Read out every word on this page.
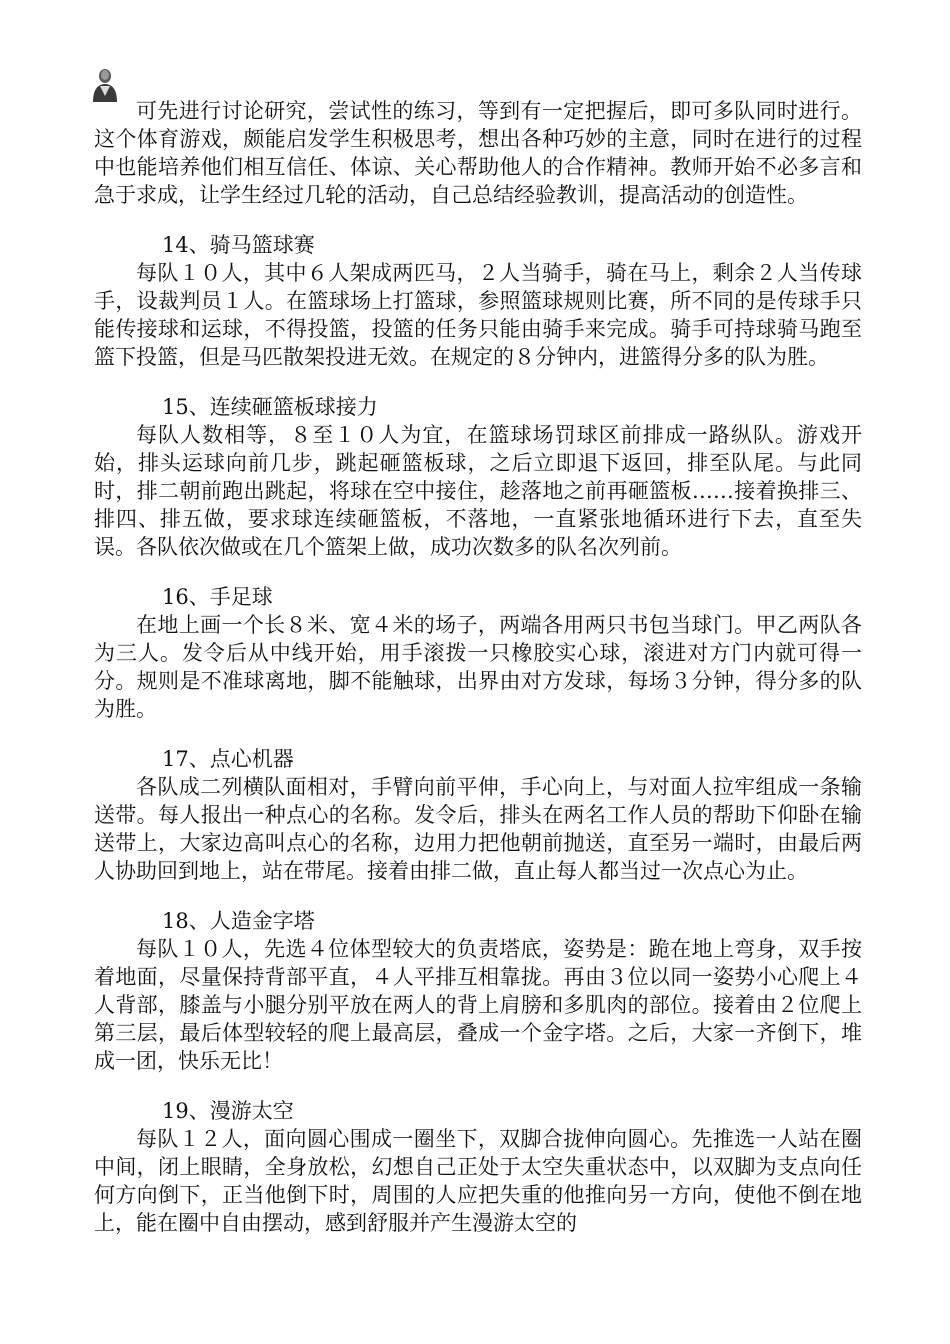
可先进行讨论研究，尝试性的练习，等到有一定把握后，即可多队同时进行。这个体育游戏，颇能启发学生积极思考，想出各种巧妙的主意，同时在进行的过程中也能培养他们相互信任、体谅、关心帮助他人的合作精神。教师开始不必多言和急于求成，让学生经过几轮的活动，自己总结经验教训，提高活动的创造性。

14、骑马篮球赛

每队１０人，其中６人架成两匹马，２人当骑手，骑在马上，剩余２人当传球手，设裁判员１人。在篮球场上打篮球，参照篮球规则比赛，所不同的是传球手只能传接球和运球，不得投篮，投篮的任务只能由骑手来完成。骑手可持球骑马跑至篮下投篮，但是马匹散架投进无效。在规定的８分钟内，进篮得分多的队为胜。

15、连续砸篮板球接力

每队人数相等，８至１０人为宜，在篮球场罚球区前排成一路纵队。游戏开始，排头运球向前几步，跳起砸篮板球，之后立即退下返回，排至队尾。与此同时，排二朝前跑出跳起，将球在空中接住，趁落地之前再砸篮板……接着换排三、排四、排五做，要求球连续砸篮板，不落地，一直紧张地循环进行下去，直至失误。各队依次做或在几个篮架上做，成功次数多的队名次列前。

16、手足球

在地上画一个长８米、宽４米的场子，两端各用两只书包当球门。甲乙两队各为三人。发令后从中线开始，用手滚拨一只橡胶实心球，滚进对方门内就可得一分。规则是不准球离地，脚不能触球，出界由对方发球，每场３分钟，得分多的队为胜。

17、点心机器

各队成二列横队面相对，手臂向前平伸，手心向上，与对面人拉牢组成一条输送带。每人报出一种点心的名称。发令后，排头在两名工作人员的帮助下仰卧在输送带上，大家边高叫点心的名称，边用力把他朝前抛送，直至另一端时，由最后两人协助回到地上，站在带尾。接着由排二做，直止每人都当过一次点心为止。

18、人造金字塔

每队１０人，先选４位体型较大的负责塔底，姿势是：跪在地上弯身，双手按着地面，尽量保持背部平直，４人平排互相靠拢。再由３位以同一姿势小心爬上４人背部，膝盖与小腿分别平放在两人的背上肩膀和多肌肉的部位。接着由２位爬上第三层，最后体型较轻的爬上最高层，叠成一个金字塔。之后，大家一齐倒下，堆成一团，快乐无比！

19、漫游太空

每队１２人，面向圆心围成一圈坐下，双脚合拢伸向圆心。先推选一人站在圈中间，闭上眼睛，全身放松，幻想自己正处于太空失重状态中，以双脚为支点向任何方向倒下，正当他倒下时，周围的人应把失重的他推向另一方向，使他不倒在地上，能在圈中自由摆动，感到舒服并产生漫游太空的
